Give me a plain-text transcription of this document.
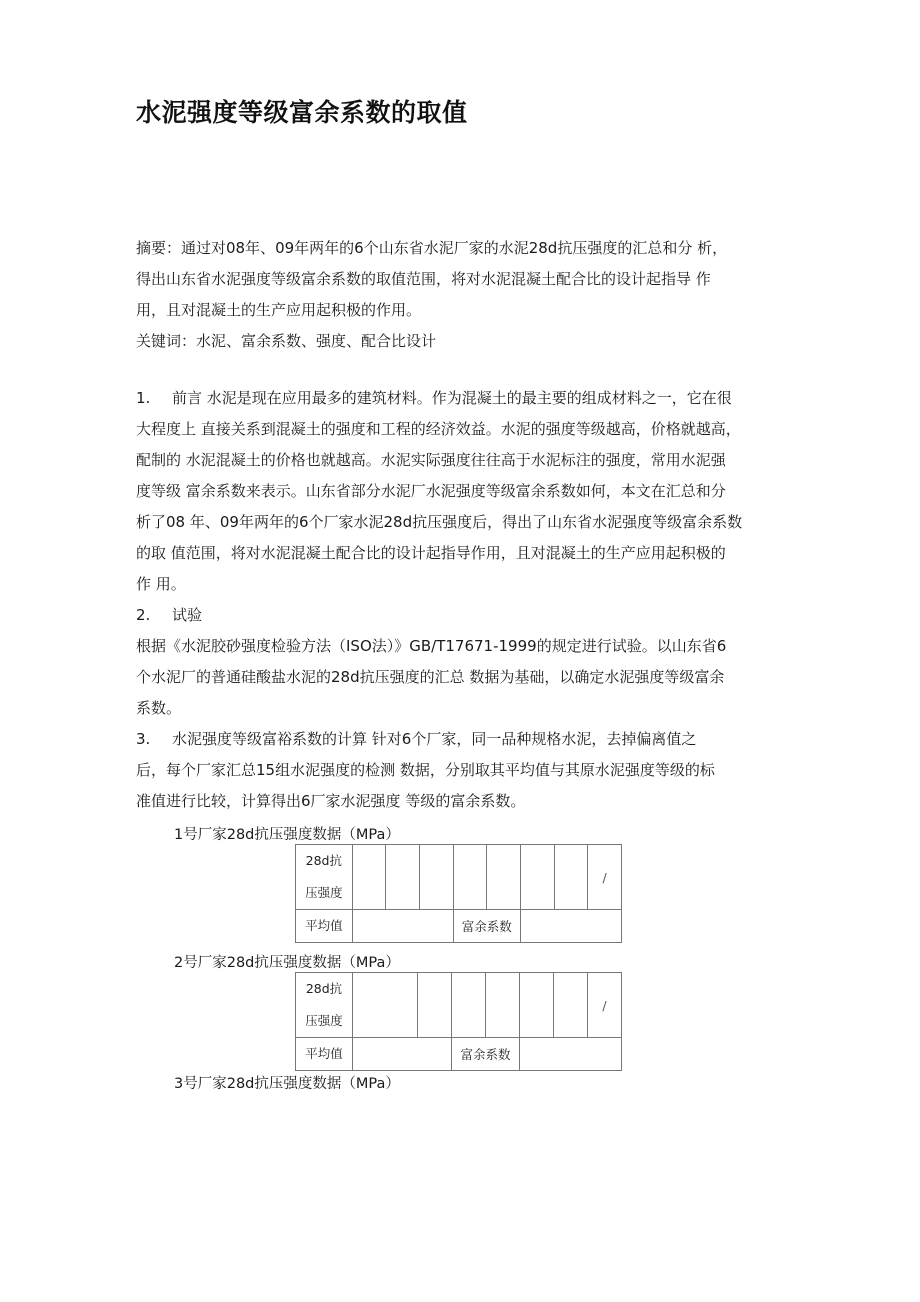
水泥强度等级富余系数的取值
摘要：通过对08年、09年两年的6个山东省水泥厂家的水泥28d抗压强度的汇总和分 析，
得出山东省水泥强度等级富余系数的取值范围，将对水泥混凝土配合比的设计起指导 作
用，且对混凝土的生产应用起积极的作用。
关键词：水泥、富余系数、强度、配合比设计
1. 前言 水泥是现在应用最多的建筑材料。作为混凝土的最主要的组成材料之一，它在很
大程度上 直接关系到混凝土的强度和工程的经济效益。水泥的强度等级越高，价格就越高，
配制的 水泥混凝土的价格也就越高。水泥实际强度往往高于水泥标注的强度，常用水泥强
度等级 富余系数来表示。山东省部分水泥厂水泥强度等级富余系数如何，本文在汇总和分
析了08 年、09年两年的6个厂家水泥28d抗压强度后，得出了山东省水泥强度等级富余系数
的取 值范围，将对水泥混凝土配合比的设计起指导作用，且对混凝土的生产应用起积极的
作 用。
2. 试验
根据《水泥胶砂强度检验方法（ISO法）》GB/T17671-1999的规定进行试验。以山东省6
个水泥厂的普通硅酸盐水泥的28d抗压强度的汇总 数据为基础，以确定水泥强度等级富余
系数。
3. 水泥强度等级富裕系数的计算 针对6个厂家，同一品种规格水泥，去掉偏离值之
后，每个厂家汇总15组水泥强度的检测 数据，分别取其平均值与其原水泥强度等级的标
准值进行比较，计算得出6厂家水泥强度 等级的富余系数。
1号厂家28d抗压强度数据（MPa）
28d抗
压强度								/
平均值				富余系数				
2号厂家28d抗压强度数据（MPa）
28d抗
压强度							/
平均值			富余系数				
3号厂家28d抗压强度数据（MPa）
